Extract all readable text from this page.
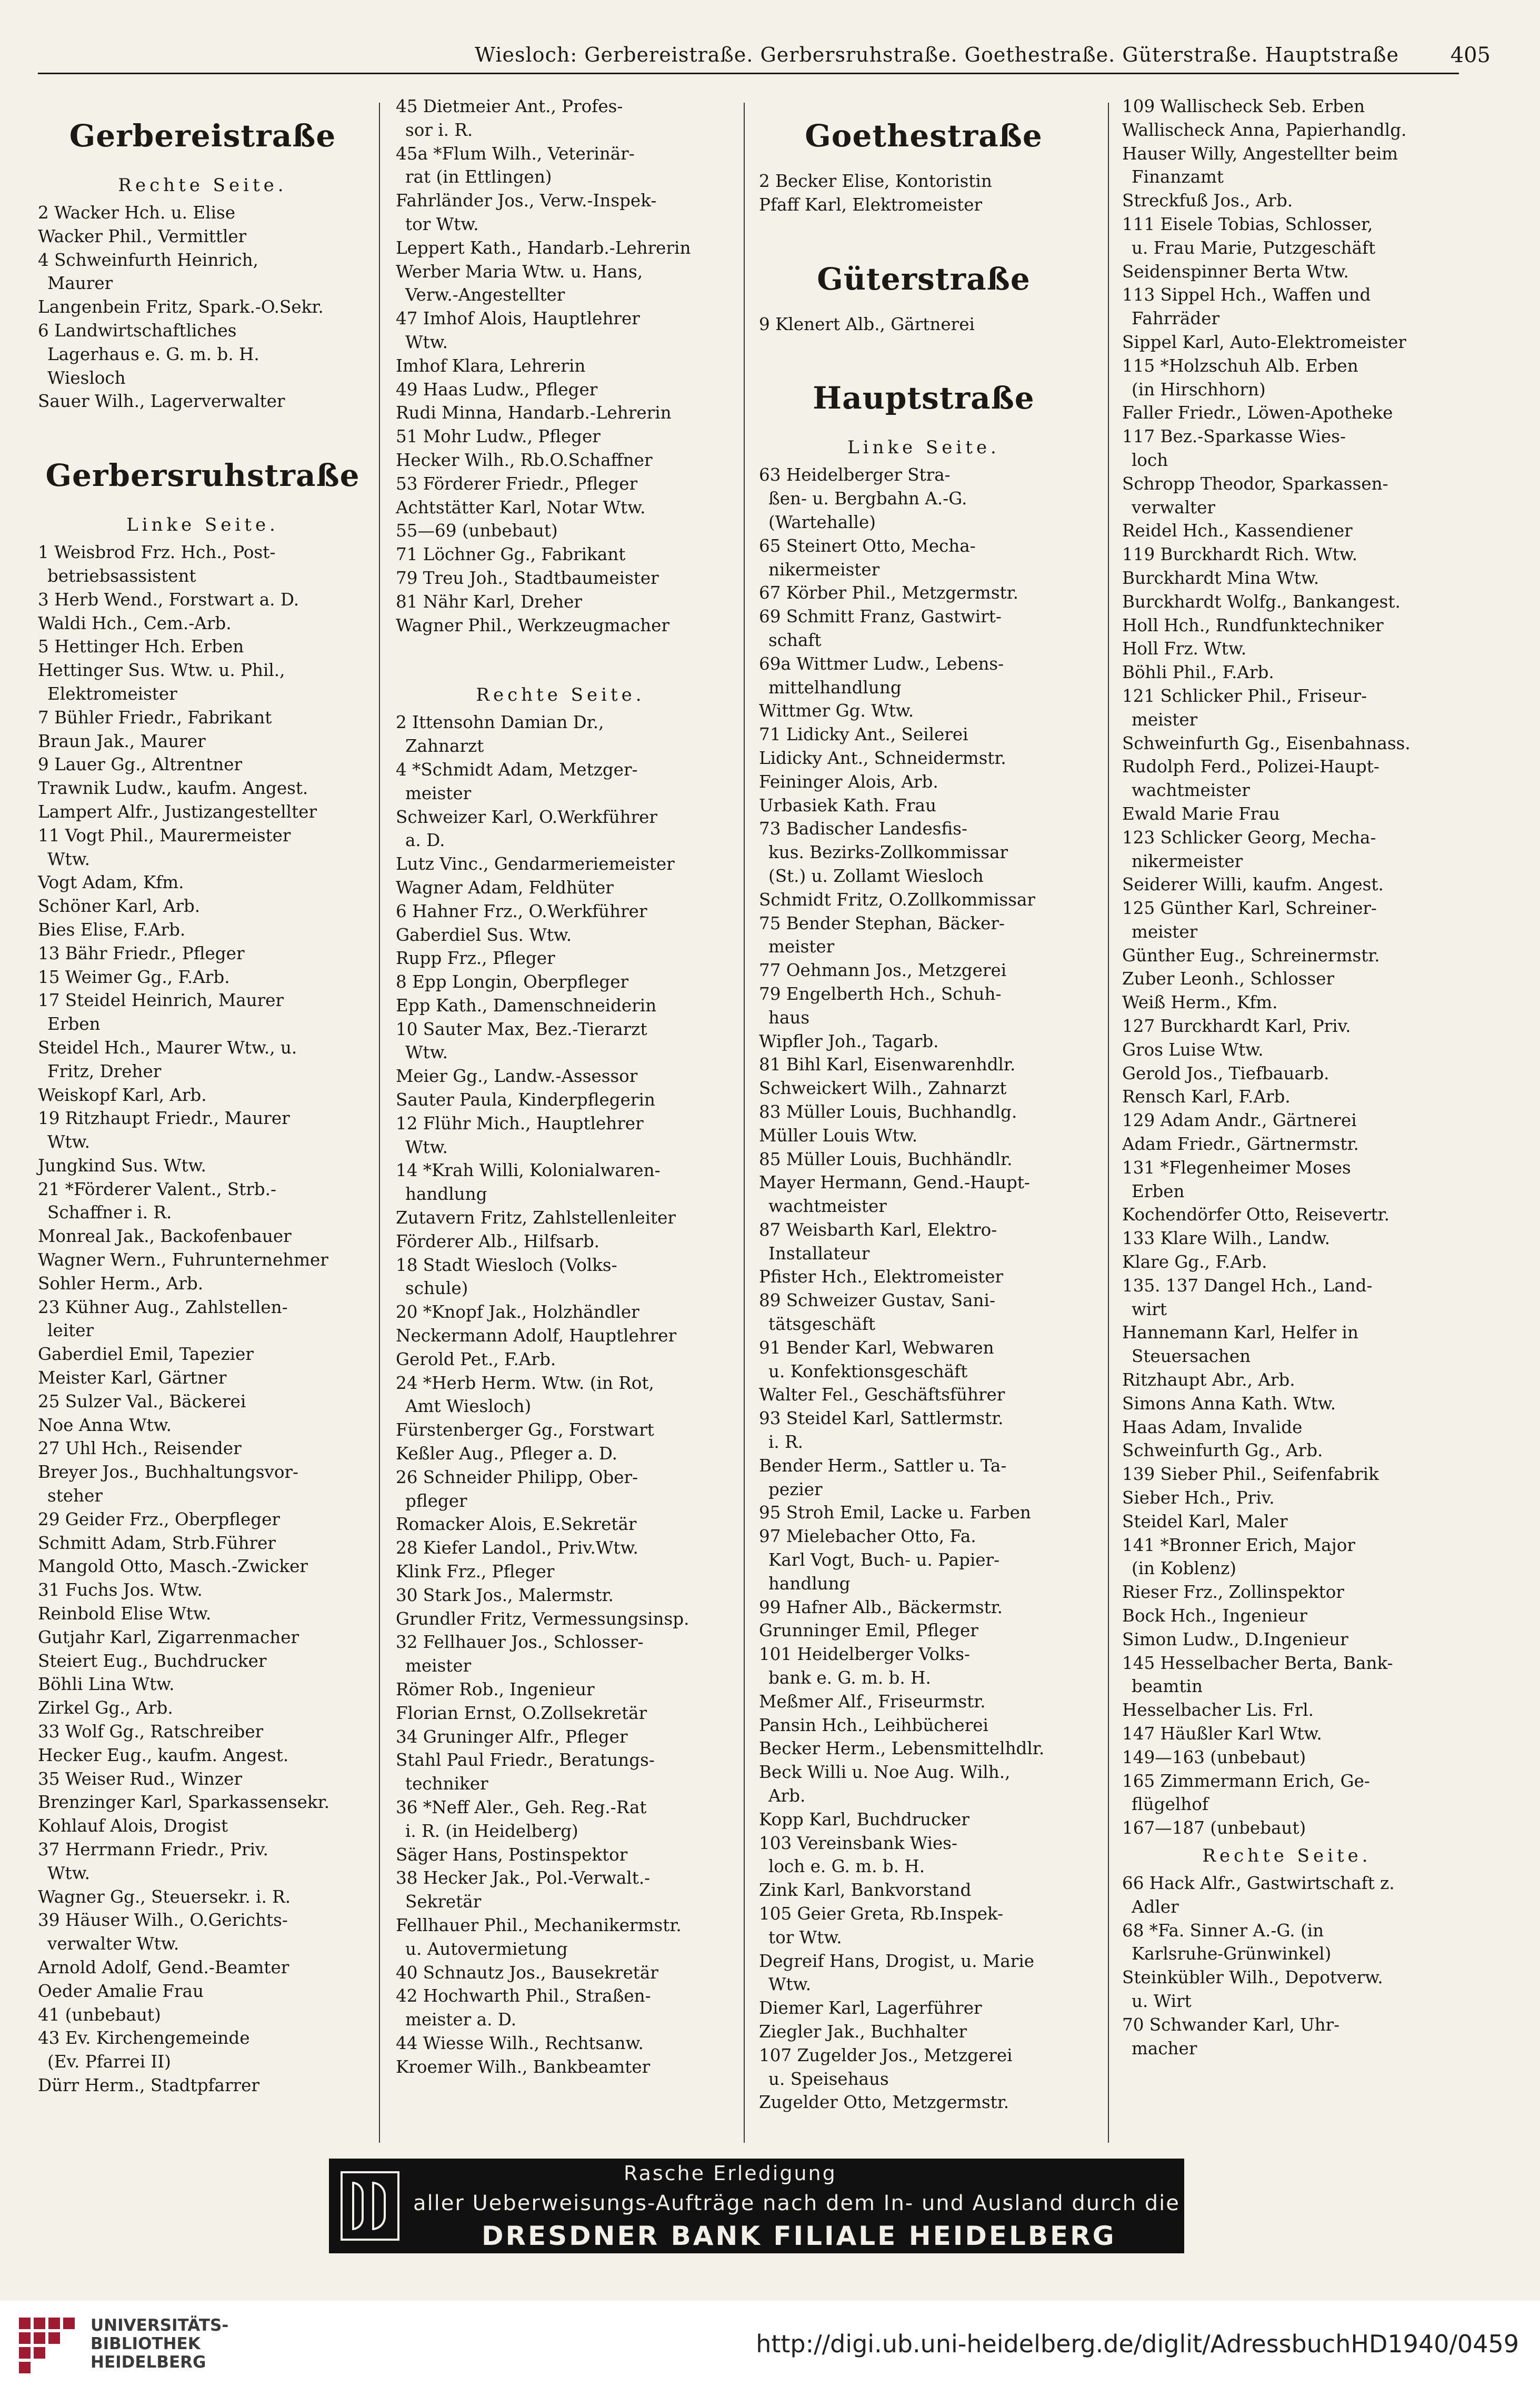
Wiesloch: Gerbereistraße. Gerbersruhstraße. Goethestraße. Güterstraße. Hauptstraße 405
Gerbereistraße
Rechte Seite.
2 Wacker Hch. u. Elise
Wacker Phil., Vermittler
4 Schweinfurth Heinrich,
Maurer
Langenbein Fritz, Spark.-O.Sekr.
6 Landwirtschaftliches
Lagerhaus e. G. m. b. H.
Wiesloch
Sauer Wilh., Lagerverwalter
Gerbersruhstraße
Linke Seite.
1 Weisbrod Frz. Hch., Post-
betriebsassistent
3 Herb Wend., Forstwart a. D.
Waldi Hch., Cem.-Arb.
5 Hettinger Hch. Erben
Hettinger Sus. Wtw. u. Phil.,
Elektromeister
7 Bühler Friedr., Fabrikant
Braun Jak., Maurer
9 Lauer Gg., Altrentner
Trawnik Ludw., kaufm. Angest.
Lampert Alfr., Justizangestellter
11 Vogt Phil., Maurermeister
Wtw.
Vogt Adam, Kfm.
Schöner Karl, Arb.
Bies Elise, F.Arb.
13 Bähr Friedr., Pfleger
15 Weimer Gg., F.Arb.
17 Steidel Heinrich, Maurer
Erben
Steidel Hch., Maurer Wtw., u.
Fritz, Dreher
Weiskopf Karl, Arb.
19 Ritzhaupt Friedr., Maurer
Wtw.
Jungkind Sus. Wtw.
21 *Förderer Valent., Strb.-
Schaffner i. R.
Monreal Jak., Backofenbauer
Wagner Wern., Fuhrunternehmer
Sohler Herm., Arb.
23 Kühner Aug., Zahlstellen-
leiter
Gaberdiel Emil, Tapezier
Meister Karl, Gärtner
25 Sulzer Val., Bäckerei
Noe Anna Wtw.
27 Uhl Hch., Reisender
Breyer Jos., Buchhaltungsvor-
steher
29 Geider Frz., Oberpfleger
Schmitt Adam, Strb.Führer
Mangold Otto, Masch.-Zwicker
31 Fuchs Jos. Wtw.
Reinbold Elise Wtw.
Gutjahr Karl, Zigarrenmacher
Steiert Eug., Buchdrucker
Böhli Lina Wtw.
Zirkel Gg., Arb.
33 Wolf Gg., Ratschreiber
Hecker Eug., kaufm. Angest.
35 Weiser Rud., Winzer
Brenzinger Karl, Sparkassensekr.
Kohlauf Alois, Drogist
37 Herrmann Friedr., Priv.
Wtw.
Wagner Gg., Steuersekr. i. R.
39 Häuser Wilh., O.Gerichts-
verwalter Wtw.
Arnold Adolf, Gend.-Beamter
Oeder Amalie Frau
41 (unbebaut)
43 Ev. Kirchengemeinde
(Ev. Pfarrei II)
Dürr Herm., Stadtpfarrer
45 Dietmeier Ant., Profes-
sor i. R.
45a *Flum Wilh., Veterinär-
rat (in Ettlingen)
Fahrländer Jos., Verw.-Inspek-
tor Wtw.
Leppert Kath., Handarb.-Lehrerin
Werber Maria Wtw. u. Hans,
Verw.-Angestellter
47 Imhof Alois, Hauptlehrer
Wtw.
Imhof Klara, Lehrerin
49 Haas Ludw., Pfleger
Rudi Minna, Handarb.-Lehrerin
51 Mohr Ludw., Pfleger
Hecker Wilh., Rb.O.Schaffner
53 Förderer Friedr., Pfleger
Achtstätter Karl, Notar Wtw.
55—69 (unbebaut)
71 Löchner Gg., Fabrikant
79 Treu Joh., Stadtbaumeister
81 Nähr Karl, Dreher
Wagner Phil., Werkzeugmacher
Rechte Seite.
2 Ittensohn Damian Dr.,
Zahnarzt
4 *Schmidt Adam, Metzger-
meister
Schweizer Karl, O.Werkführer
a. D.
Lutz Vinc., Gendarmeriemeister
Wagner Adam, Feldhüter
6 Hahner Frz., O.Werkführer
Gaberdiel Sus. Wtw.
Rupp Frz., Pfleger
8 Epp Longin, Oberpfleger
Epp Kath., Damenschneiderin
10 Sauter Max, Bez.-Tierarzt
Wtw.
Meier Gg., Landw.-Assessor
Sauter Paula, Kinderpflegerin
12 Flühr Mich., Hauptlehrer
Wtw.
14 *Krah Willi, Kolonialwaren-
handlung
Zutavern Fritz, Zahlstellenleiter
Förderer Alb., Hilfsarb.
18 Stadt Wiesloch (Volks-
schule)
20 *Knopf Jak., Holzhändler
Neckermann Adolf, Hauptlehrer
Gerold Pet., F.Arb.
24 *Herb Herm. Wtw. (in Rot,
Amt Wiesloch)
Fürstenberger Gg., Forstwart
Keßler Aug., Pfleger a. D.
26 Schneider Philipp, Ober-
pfleger
Romacker Alois, E.Sekretär
28 Kiefer Landol., Priv.Wtw.
Klink Frz., Pfleger
30 Stark Jos., Malermstr.
Grundler Fritz, Vermessungsinsp.
32 Fellhauer Jos., Schlosser-
meister
Römer Rob., Ingenieur
Florian Ernst, O.Zollsekretär
34 Gruninger Alfr., Pfleger
Stahl Paul Friedr., Beratungs-
techniker
36 *Neff Aler., Geh. Reg.-Rat
i. R. (in Heidelberg)
Säger Hans, Postinspektor
38 Hecker Jak., Pol.-Verwalt.-
Sekretär
Fellhauer Phil., Mechanikermstr.
u. Autovermietung
40 Schnautz Jos., Bausekretär
42 Hochwarth Phil., Straßen-
meister a. D.
44 Wiesse Wilh., Rechtsanw.
Kroemer Wilh., Bankbeamter
Goethestraße
2 Becker Elise, Kontoristin
Pfaff Karl, Elektromeister
Güterstraße
9 Klenert Alb., Gärtnerei
Hauptstraße
Linke Seite.
63 Heidelberger Stra-
ßen- u. Bergbahn A.-G.
(Wartehalle)
65 Steinert Otto, Mecha-
nikermeister
67 Körber Phil., Metzgermstr.
69 Schmitt Franz, Gastwirt-
schaft
69a Wittmer Ludw., Lebens-
mittelhandlung
Wittmer Gg. Wtw.
71 Lidicky Ant., Seilerei
Lidicky Ant., Schneidermstr.
Feininger Alois, Arb.
Urbasiek Kath. Frau
73 Badischer Landesfis-
kus. Bezirks-Zollkommissar
(St.) u. Zollamt Wiesloch
Schmidt Fritz, O.Zollkommissar
75 Bender Stephan, Bäcker-
meister
77 Oehmann Jos., Metzgerei
79 Engelberth Hch., Schuh-
haus
Wipfler Joh., Tagarb.
81 Bihl Karl, Eisenwarenhdlr.
Schweickert Wilh., Zahnarzt
83 Müller Louis, Buchhandlg.
Müller Louis Wtw.
85 Müller Louis, Buchhändlr.
Mayer Hermann, Gend.-Haupt-
wachtmeister
87 Weisbarth Karl, Elektro-
Installateur
Pfister Hch., Elektromeister
89 Schweizer Gustav, Sani-
tätsgeschäft
91 Bender Karl, Webwaren
u. Konfektionsgeschäft
Walter Fel., Geschäftsführer
93 Steidel Karl, Sattlermstr.
i. R.
Bender Herm., Sattler u. Ta-
pezier
95 Stroh Emil, Lacke u. Farben
97 Mielebacher Otto, Fa.
Karl Vogt, Buch- u. Papier-
handlung
99 Hafner Alb., Bäckermstr.
Grunninger Emil, Pfleger
101 Heidelberger Volks-
bank e. G. m. b. H.
Meßmer Alf., Friseurmstr.
Pansin Hch., Leihbücherei
Becker Herm., Lebensmittelhdlr.
Beck Willi u. Noe Aug. Wilh.,
Arb.
Kopp Karl, Buchdrucker
103 Vereinsbank Wies-
loch e. G. m. b. H.
Zink Karl, Bankvorstand
105 Geier Greta, Rb.Inspek-
tor Wtw.
Degreif Hans, Drogist, u. Marie
Wtw.
Diemer Karl, Lagerführer
Ziegler Jak., Buchhalter
107 Zugelder Jos., Metzgerei
u. Speisehaus
Zugelder Otto, Metzgermstr.
109 Wallischeck Seb. Erben
Wallischeck Anna, Papierhandlg.
Hauser Willy, Angestellter beim
Finanzamt
Streckfuß Jos., Arb.
111 Eisele Tobias, Schlosser,
u. Frau Marie, Putzgeschäft
Seidenspinner Berta Wtw.
113 Sippel Hch., Waffen und
Fahrräder
Sippel Karl, Auto-Elektromeister
115 *Holzschuh Alb. Erben
(in Hirschhorn)
Faller Friedr., Löwen-Apotheke
117 Bez.-Sparkasse Wies-
loch
Schropp Theodor, Sparkassen-
verwalter
Reidel Hch., Kassendiener
119 Burckhardt Rich. Wtw.
Burckhardt Mina Wtw.
Burckhardt Wolfg., Bankangest.
Holl Hch., Rundfunktechniker
Holl Frz. Wtw.
Böhli Phil., F.Arb.
121 Schlicker Phil., Friseur-
meister
Schweinfurth Gg., Eisenbahnass.
Rudolph Ferd., Polizei-Haupt-
wachtmeister
Ewald Marie Frau
123 Schlicker Georg, Mecha-
nikermeister
Seiderer Willi, kaufm. Angest.
125 Günther Karl, Schreiner-
meister
Günther Eug., Schreinermstr.
Zuber Leonh., Schlosser
Weiß Herm., Kfm.
127 Burckhardt Karl, Priv.
Gros Luise Wtw.
Gerold Jos., Tiefbauarb.
Rensch Karl, F.Arb.
129 Adam Andr., Gärtnerei
Adam Friedr., Gärtnermstr.
131 *Flegenheimer Moses
Erben
Kochendörfer Otto, Reisevertr.
133 Klare Wilh., Landw.
Klare Gg., F.Arb.
135. 137 Dangel Hch., Land-
wirt
Hannemann Karl, Helfer in
Steuersachen
Ritzhaupt Abr., Arb.
Simons Anna Kath. Wtw.
Haas Adam, Invalide
Schweinfurth Gg., Arb.
139 Sieber Phil., Seifenfabrik
Sieber Hch., Priv.
Steidel Karl, Maler
141 *Bronner Erich, Major
(in Koblenz)
Rieser Frz., Zollinspektor
Bock Hch., Ingenieur
Simon Ludw., D.Ingenieur
145 Hesselbacher Berta, Bank-
beamtin
Hesselbacher Lis. Frl.
147 Häußler Karl Wtw.
149—163 (unbebaut)
165 Zimmermann Erich, Ge-
flügelhof
167—187 (unbebaut)
Rechte Seite.
66 Hack Alfr., Gastwirtschaft z.
Adler
68 *Fa. Sinner A.-G. (in
Karlsruhe-Grünwinkel)
Steinkübler Wilh., Depotverw.
u. Wirt
70 Schwander Karl, Uhr-
macher
Rasche Erledigung
aller Ueberweisungs-Aufträge nach dem In- und Ausland durch die
DRESDNER BANK FILIALE HEIDELBERG
UNIVERSITÄTS-
BIBLIOTHEK
HEIDELBERG
http://digi.ub.uni-heidelberg.de/diglit/AdressbuchHD1940/0459
